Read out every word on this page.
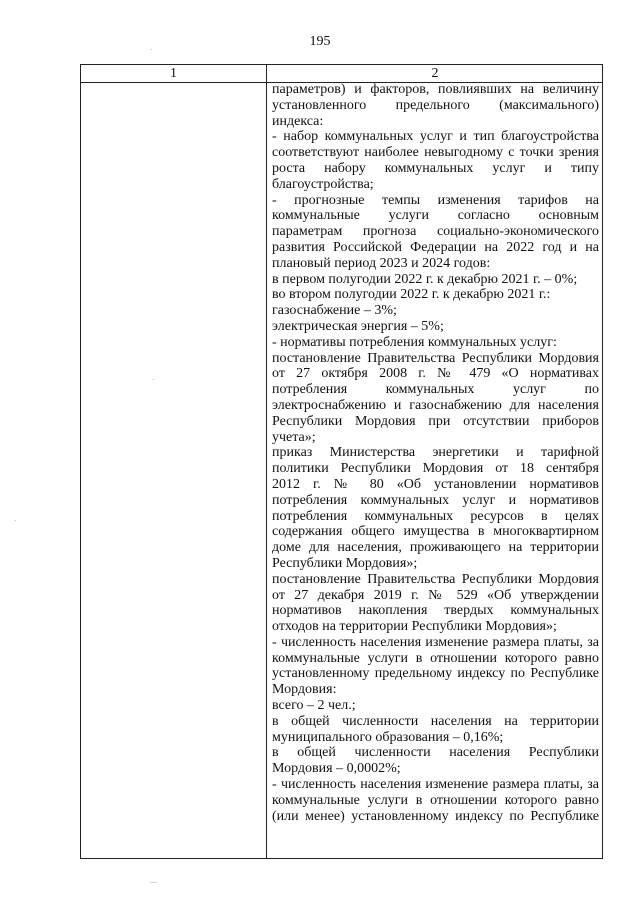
195
1	2
параметров) и факторов, повлиявших на величину
установленного предельного (максимального)
индекса:
- набор коммунальных услуг и тип благоустройства
соответствуют наиболее невыгодному с точки зрения
роста набору коммунальных услуг и типу
благоустройства;
- прогнозные темпы изменения тарифов на
коммунальные услуги согласно основным
параметрам прогноза социально-экономического
развития Российской Федерации на 2022 год и на
плановый период 2023 и 2024 годов:
в первом полугодии 2022 г. к декабрю 2021 г. – 0%;
во втором полугодии 2022 г. к декабрю 2021 г.:
газоснабжение – 3%;
электрическая энергия – 5%;
- нормативы потребления коммунальных услуг:
постановление Правительства Республики Мордовия
от 27 октября 2008 г. № 479 «О нормативах
потребления коммунальных услуг по
электроснабжению и газоснабжению для населения
Республики Мордовия при отсутствии приборов
учета»;
приказ Министерства энергетики и тарифной
политики Республики Мордовия от 18 сентября
2012 г. № 80 «Об установлении нормативов
потребления коммунальных услуг и нормативов
потребления коммунальных ресурсов в целях
содержания общего имущества в многоквартирном
доме для населения, проживающего на территории
Республики Мордовия»;
постановление Правительства Республики Мордовия
от 27 декабря 2019 г. № 529 «Об утверждении
нормативов накопления твердых коммунальных
отходов на территории Республики Мордовия»;
- численность населения изменение размера платы, за
коммунальные услуги в отношении которого равно
установленному предельному индексу по Республике
Мордовия:
всего – 2 чел.;
в общей численности населения на территории
муниципального образования – 0,16%;
в общей численности населения Республики
Мордовия – 0,0002%;
- численность населения изменение размера платы, за
коммунальные услуги в отношении которого равно
(или менее) установленному индексу по Республике
·
·
·
—
